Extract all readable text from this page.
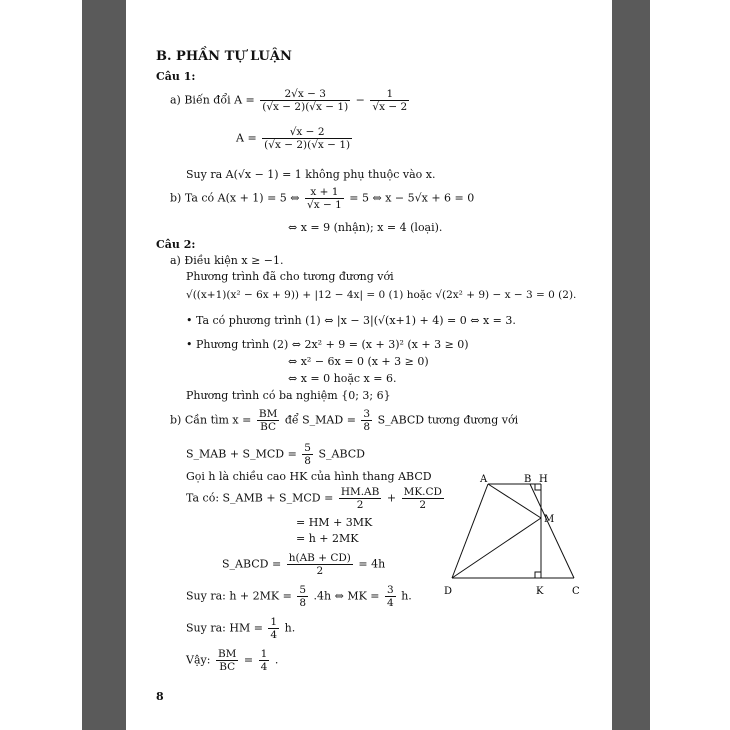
B. PHẦN TỰ LUẬN
Câu 1:
a) Biến đổi $A = \frac{2√x - 3}{(√x - 2)(√x - 1)} - \frac{1}{√x - 2}$
$A = \frac{√x - 2}{(√x - 2)(√x - 1)}$
Suy ra A(√x − 1) = 1 không phụ thuộc vào x.
b) Ta có A(x + 1) = 5 ⇔ $\frac{x + 1}{√x - 1} = 5$ ⇔ x − 5√x + 6 = 0
⇔ x = 9 (nhận); x = 4 (loại).
Câu 2:
a) Điều kiện x ≥ −1.
Phương trình đã cho tương đương với
√((x+1)(x² − 6x + 9)) + |12 − 4x| = 0 (1) hoặc √(2x² + 9) − x − 3 = 0 (2).
• Ta có phương trình (1) ⇔ |x − 3|(√(x+1) + 4) = 0 ⇔ x = 3.
• Phương trình (2) ⇔ 2x² + 9 = (x + 3)² (x + 3 ≥ 0)
⇔ x² − 6x = 0 (x + 3 ≥ 0)
⇔ x = 0 hoặc x = 6.
Phương trình có ba nghiệm {0; 3; 6}
b) Cần tìm $x = \frac{BM}{BC}$ để S_MAD = $\frac{3}{8}$ S_ABCD tương đương với
S_MAB + S_MCD = $\frac{5}{8}$ S_ABCD
Gọi h là chiều cao HK của hình thang ABCD
Ta có: S_AMB + S_MCD = $\frac{HM.AB}{2} + \frac{MK.CD}{2}$
= HM + 3MK
= h + 2MK
S_ABCD = $\frac{h(AB + CD)}{2} = 4h$
Suy ra: $h + 2MK = \frac{5}{8} .4h$ ⇔ MK = $\frac{3}{4} h$.
Suy ra: HM = $\frac{1}{4} h$.
Vậy: $\frac{BM}{BC} = \frac{1}{4}$ .
A	B H
M
D	K	C
8
